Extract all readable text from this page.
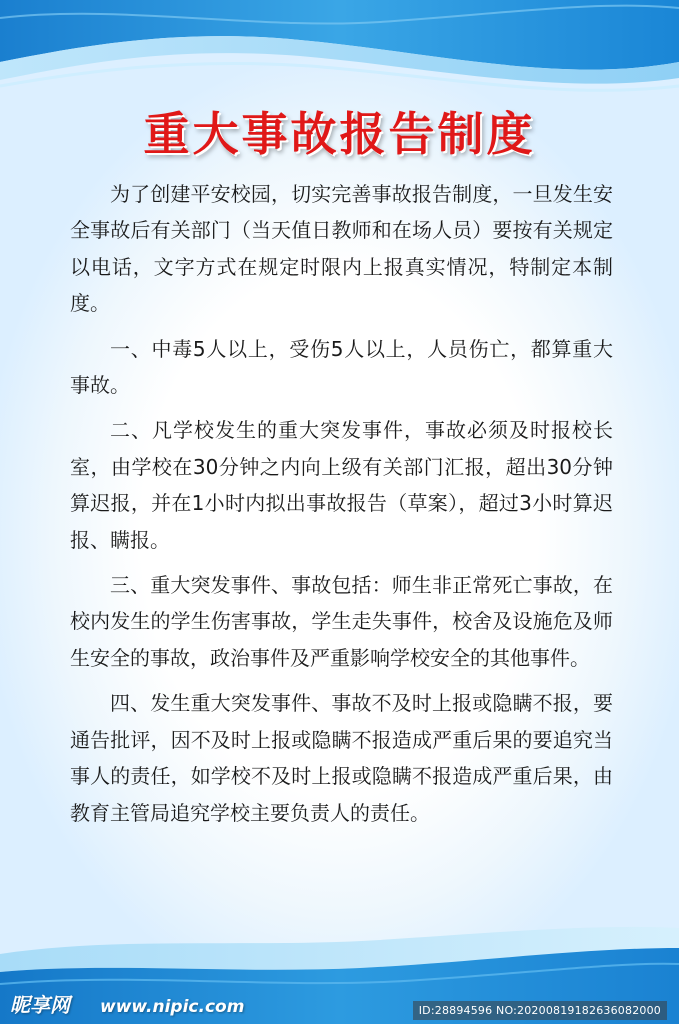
重大事故报告制度

为了创建平安校园，切实完善事故报告制度，一旦发生安全事故后有关部门（当天值日教师和在场人员）要按有关规定以电话，文字方式在规定时限内上报真实情况，特制定本制度。

一、中毒5人以上，受伤5人以上，人员伤亡，都算重大事故。

二、凡学校发生的重大突发事件，事故必须及时报校长室，由学校在30分钟之内向上级有关部门汇报，超出30分钟算迟报，并在1小时内拟出事故报告（草案），超过3小时算迟报、瞒报。

三、重大突发事件、事故包括：师生非正常死亡事故，在校内发生的学生伤害事故，学生走失事件，校舍及设施危及师生安全的事故，政治事件及严重影响学校安全的其他事件。

四、发生重大突发事件、事故不及时上报或隐瞒不报，要通告批评，因不及时上报或隐瞒不报造成严重后果的要追究当事人的责任，如学校不及时上报或隐瞒不报造成严重后果，由教育主管局追究学校主要负责人的责任。

昵享网 www.nipic.com	ID:28894596 NO:20200819182636082000
